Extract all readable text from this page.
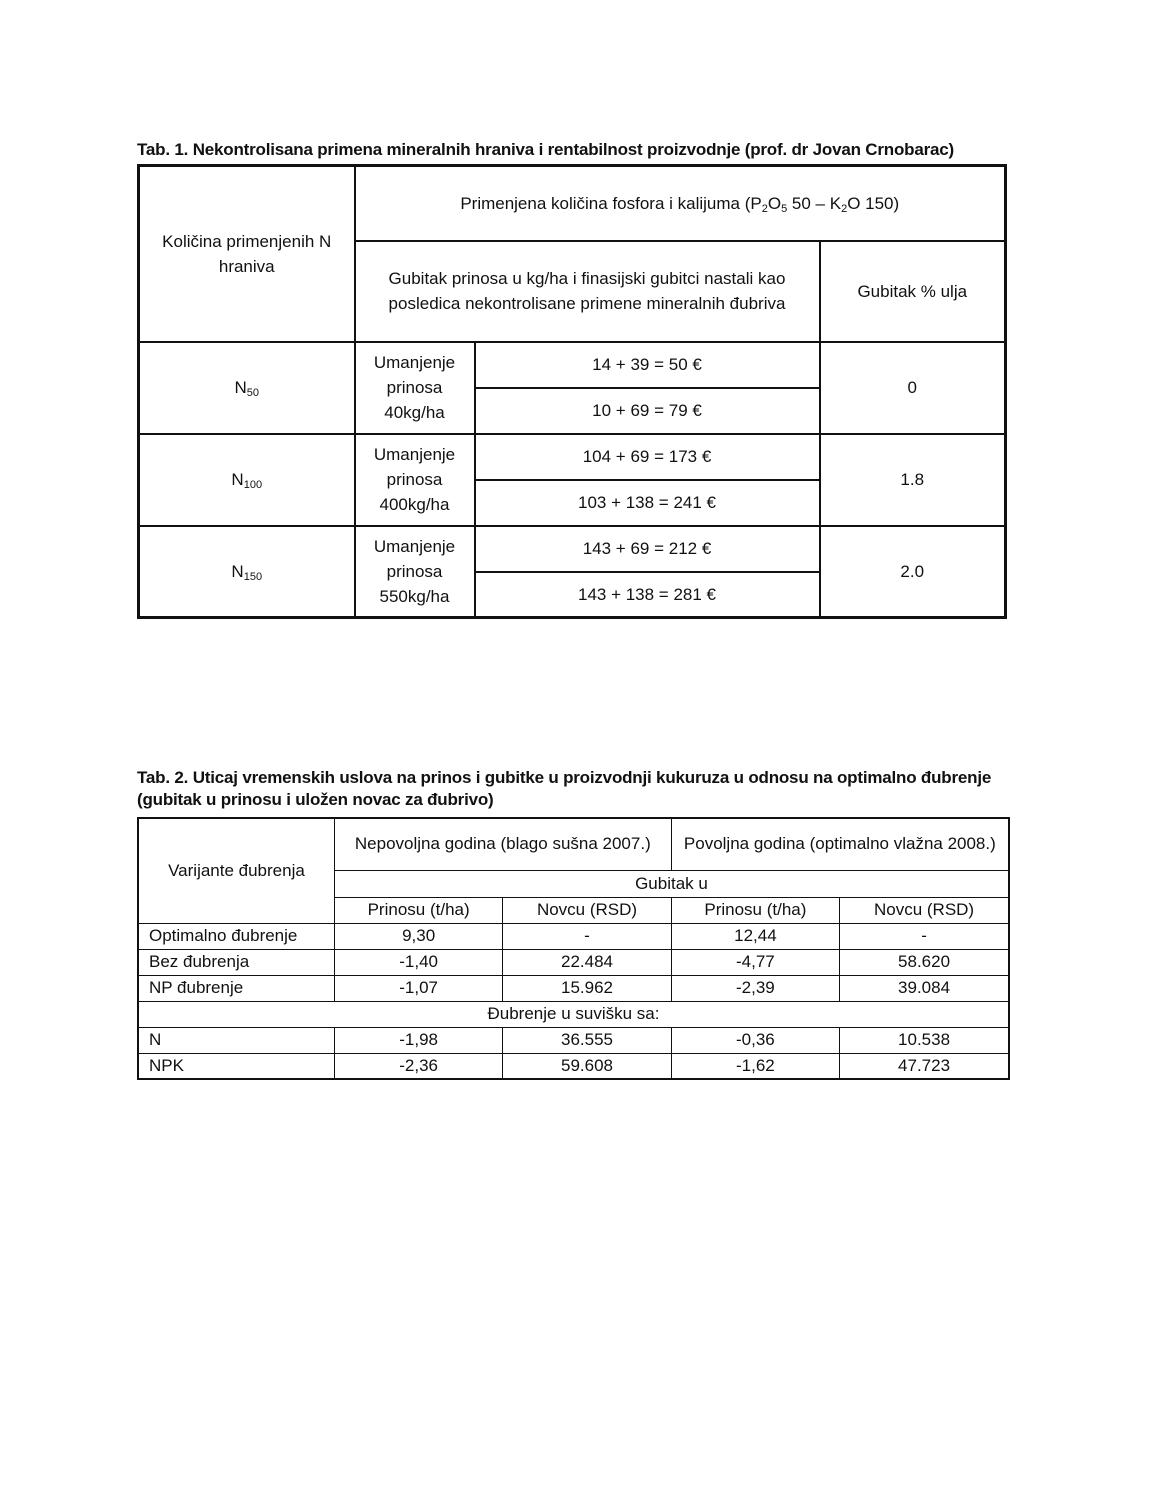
Tab. 1. Nekontrolisana primena mineralnih hraniva i rentabilnost proizvodnje (prof. dr Jovan Crnobarac)
Količina primenjenih N hraniva	Primenjena količina fosfora i kalijuma ($P_2O_5$ $50 - K_2O$ 150)		
	Gubitak prinosa u kg/ha i finasijski gubitci nastali kao posledica nekontrolisane primene mineralnih đubriva		Gubitak % ulja
$N_{50}$	Umanjenje prinosa 40kg/ha	14 + 39 = 50 €	0
		10 + 69 = 79 €	
$N_{100}$	Umanjenje prinosa 400kg/ha	104 + 69 = 173 €	1.8
		103 + 138 = 241 €	
$N_{150}$	Umanjenje prinosa 550kg/ha	143 + 69 = 212 €	2.0
		143 + 138 = 281 €	
Tab. 2. Uticaj vremenskih uslova na prinos i gubitke u proizvodnji kukuruza u odnosu na optimalno đubrenje (gubitak u prinosu i uložen novac za đubrivo)
Varijante đubrenja	Nepovoljna godina (blago sušna 2007.)		Povoljna godina (optimalno vlažna 2008.)	
	Gubitak u			
	Prinosu (t/ha)	Novcu (RSD)	Prinosu (t/ha)	Novcu (RSD)
Optimalno đubrenje	9,30	-	12,44	-
Bez đubrenja	-1,40	22.484	-4,77	58.620
NP đubrenje	-1,07	15.962	-2,39	39.084
Đubrenje u suvišku sa:				
N	-1,98	36.555	-0,36	10.538
NPK	-2,36	59.608	-1,62	47.723
